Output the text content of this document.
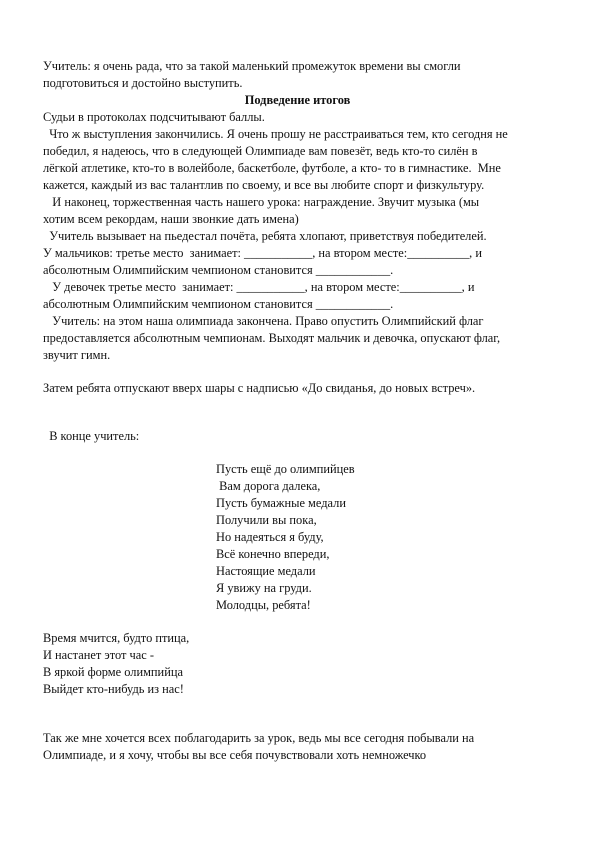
Учитель: я очень рада, что за такой маленький промежуток времени вы смогли
подготовиться и достойно выступить.
Подведение итогов
Судьи в протоколах подсчитывают баллы.
Что ж выступления закончились. Я очень прошу не расстраиваться тем, кто сегодня не
победил, я надеюсь, что в следующей Олимпиаде вам повезёт, ведь кто-то силён в
лёгкой атлетике, кто-то в волейболе, баскетболе, футболе, а кто- то в гимнастике.  Мне
кажется, каждый из вас талантлив по своему, и все вы любите спорт и физкультуру.
И наконец, торжественная часть нашего урока: награждение. Звучит музыка (мы
хотим всем рекордам, наши звонкие дать имена)
Учитель вызывает на пьедестал почёта, ребята хлопают, приветствуя победителей.
У мальчиков: третье место  занимает: ___________, на втором месте:__________, и
абсолютным Олимпийским чемпионом становится ____________.
У девочек третье место  занимает: ___________, на втором месте:__________, и
абсолютным Олимпийским чемпионом становится ____________.
Учитель: на этом наша олимпиада закончена. Право опустить Олимпийский флаг
предоставляется абсолютным чемпионам. Выходят мальчик и девочка, опускают флаг,
звучит гимн.
Затем ребята отпускают вверх шары с надписью «До свиданья, до новых встреч».
В конце учитель:
Пусть ещё до олимпийцев
Вам дорога далека,
Пусть бумажные медали
Получили вы пока,
Но надеяться я буду,
Всё конечно впереди,
Настоящие медали
Я увижу на груди.
Молодцы, ребята!
Время мчится, будто птица,
И настанет этот час -
В яркой форме олимпийца
Выйдет кто-нибудь из нас!
Так же мне хочется всех поблагодарить за урок, ведь мы все сегодня побывали на
Олимпиаде, и я хочу, чтобы вы все себя почувствовали хоть немножечко
